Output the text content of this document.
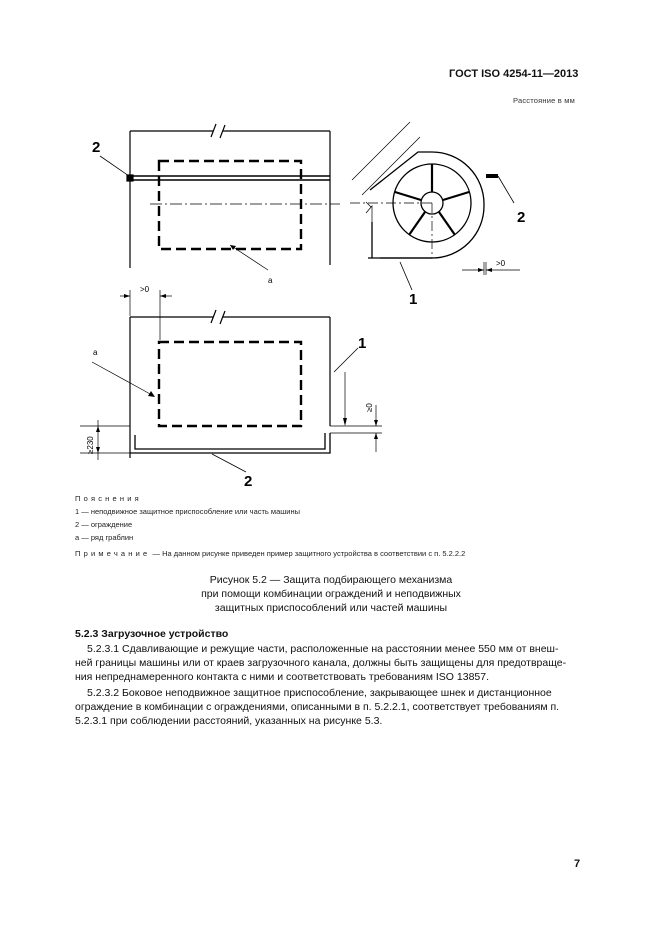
ГОСТ ISO 4254-11—2013
Расстояние в мм
2
a
2
1
>0
>0
a
1
≥0
≥230
2
Пояснения
1 — неподвижное защитное приспособление или часть машины
2 — ограждение
a — ряд граблин
Примечание — На данном рисунке приведен пример защитного устройства в соответствии с п. 5.2.2.2
Рисунок 5.2 — Защита подбирающего механизма
при помощи комбинации ограждений и неподвижных
защитных приспособлений или частей машины
5.2.3 Загрузочное устройство
5.2.3.1 Сдавливающие и режущие части, расположенные на расстоянии менее 550 мм от внеш-
ней границы машины или от краев загрузочного канала, должны быть защищены для предотвраще-
ния непреднамеренного контакта с ними и соответствовать требованиям ISO 13857.
5.2.3.2 Боковое неподвижное защитное приспособление, закрывающее шнек и дистанционное
ограждение в комбинации с ограждениями, описанными в п. 5.2.2.1, соответствует требованиям п.
5.2.3.1 при соблюдении расстояний, указанных на рисунке 5.3.
7
